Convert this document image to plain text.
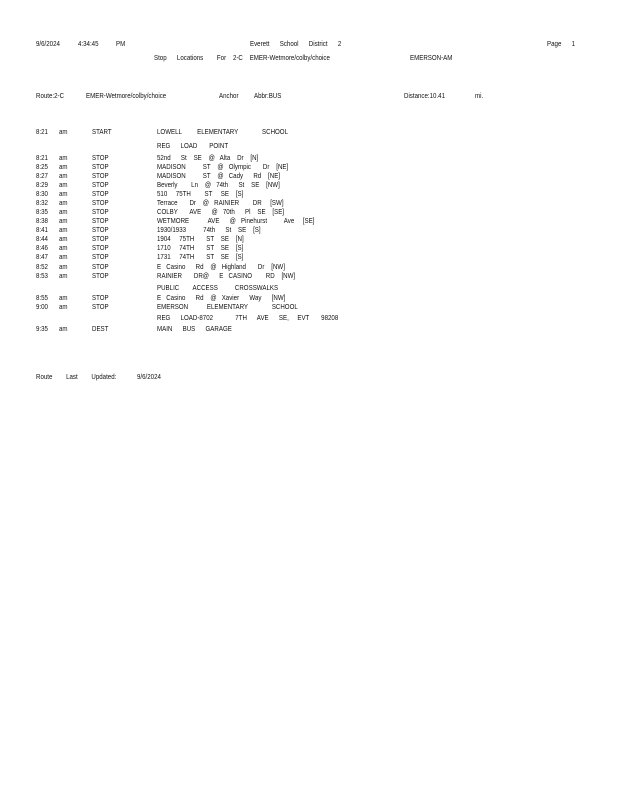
9/6/2024 4:34:45 PM	Everett      School      District      2	Page      1
Stop      Locations        For    2-C    EMER-Wetmore/colby/choice	EMERSON-AM
Route:2-C	EMER-Wetmore/colby/choice	Anchor Abbr:BUS	Distance:10.41	mi.
8:21 am	START	LOWELL         ELEMENTARY              SCHOOL
REG      LOAD       POINT
8:21 am	STOP	52nd      St    SE    @   Alta    Dr    [N]
8:25 am	STOP	MADISON          ST    @   Olympic       Dr    [NE]
8:27 am	STOP	MADISON          ST    @   Cady      Rd    [NE]
8:29 am	STOP	Beverly        Ln    @   74th      St    SE    [NW]
8:30 am	STOP	510     75TH        ST     SE    [S]
8:32 am	STOP	Terrace       Dr    @   RAINIER        DR     [SW]
8:35 am	STOP	COLBY       AVE      @   70th      Pl    SE    [SE]
8:38 am	STOP	WETMORE           AVE      @   Pinehurst          Ave     [SE]
8:41 am	STOP	1930/1933          74th      St    SE    [S]
8:44 am	STOP	1904     75TH       ST    SE    [N]
8:46 am	STOP	1710     74TH       ST    SE    [S]
8:47 am	STOP	1731     74TH       ST    SE    [S]
8:52 am	STOP	E   Casino      Rd    @   Highland       Dr    [NW]
8:53 am	STOP	RAINIER       DR@      E   CASINO        RD    [NW]
PUBLIC        ACCESS          CROSSWALKS
8:55 am	STOP	E   Casino      Rd    @   Xavier      Way      [NW]
9:00 am	STOP	EMERSON           ELEMENTARY              SCHOOL
REG      LOAD-8702             7TH      AVE      SE,     EVT       98208
9:35 am	DEST	MAIN      BUS      GARAGE
Route        Last        Updated:	9/6/2024
